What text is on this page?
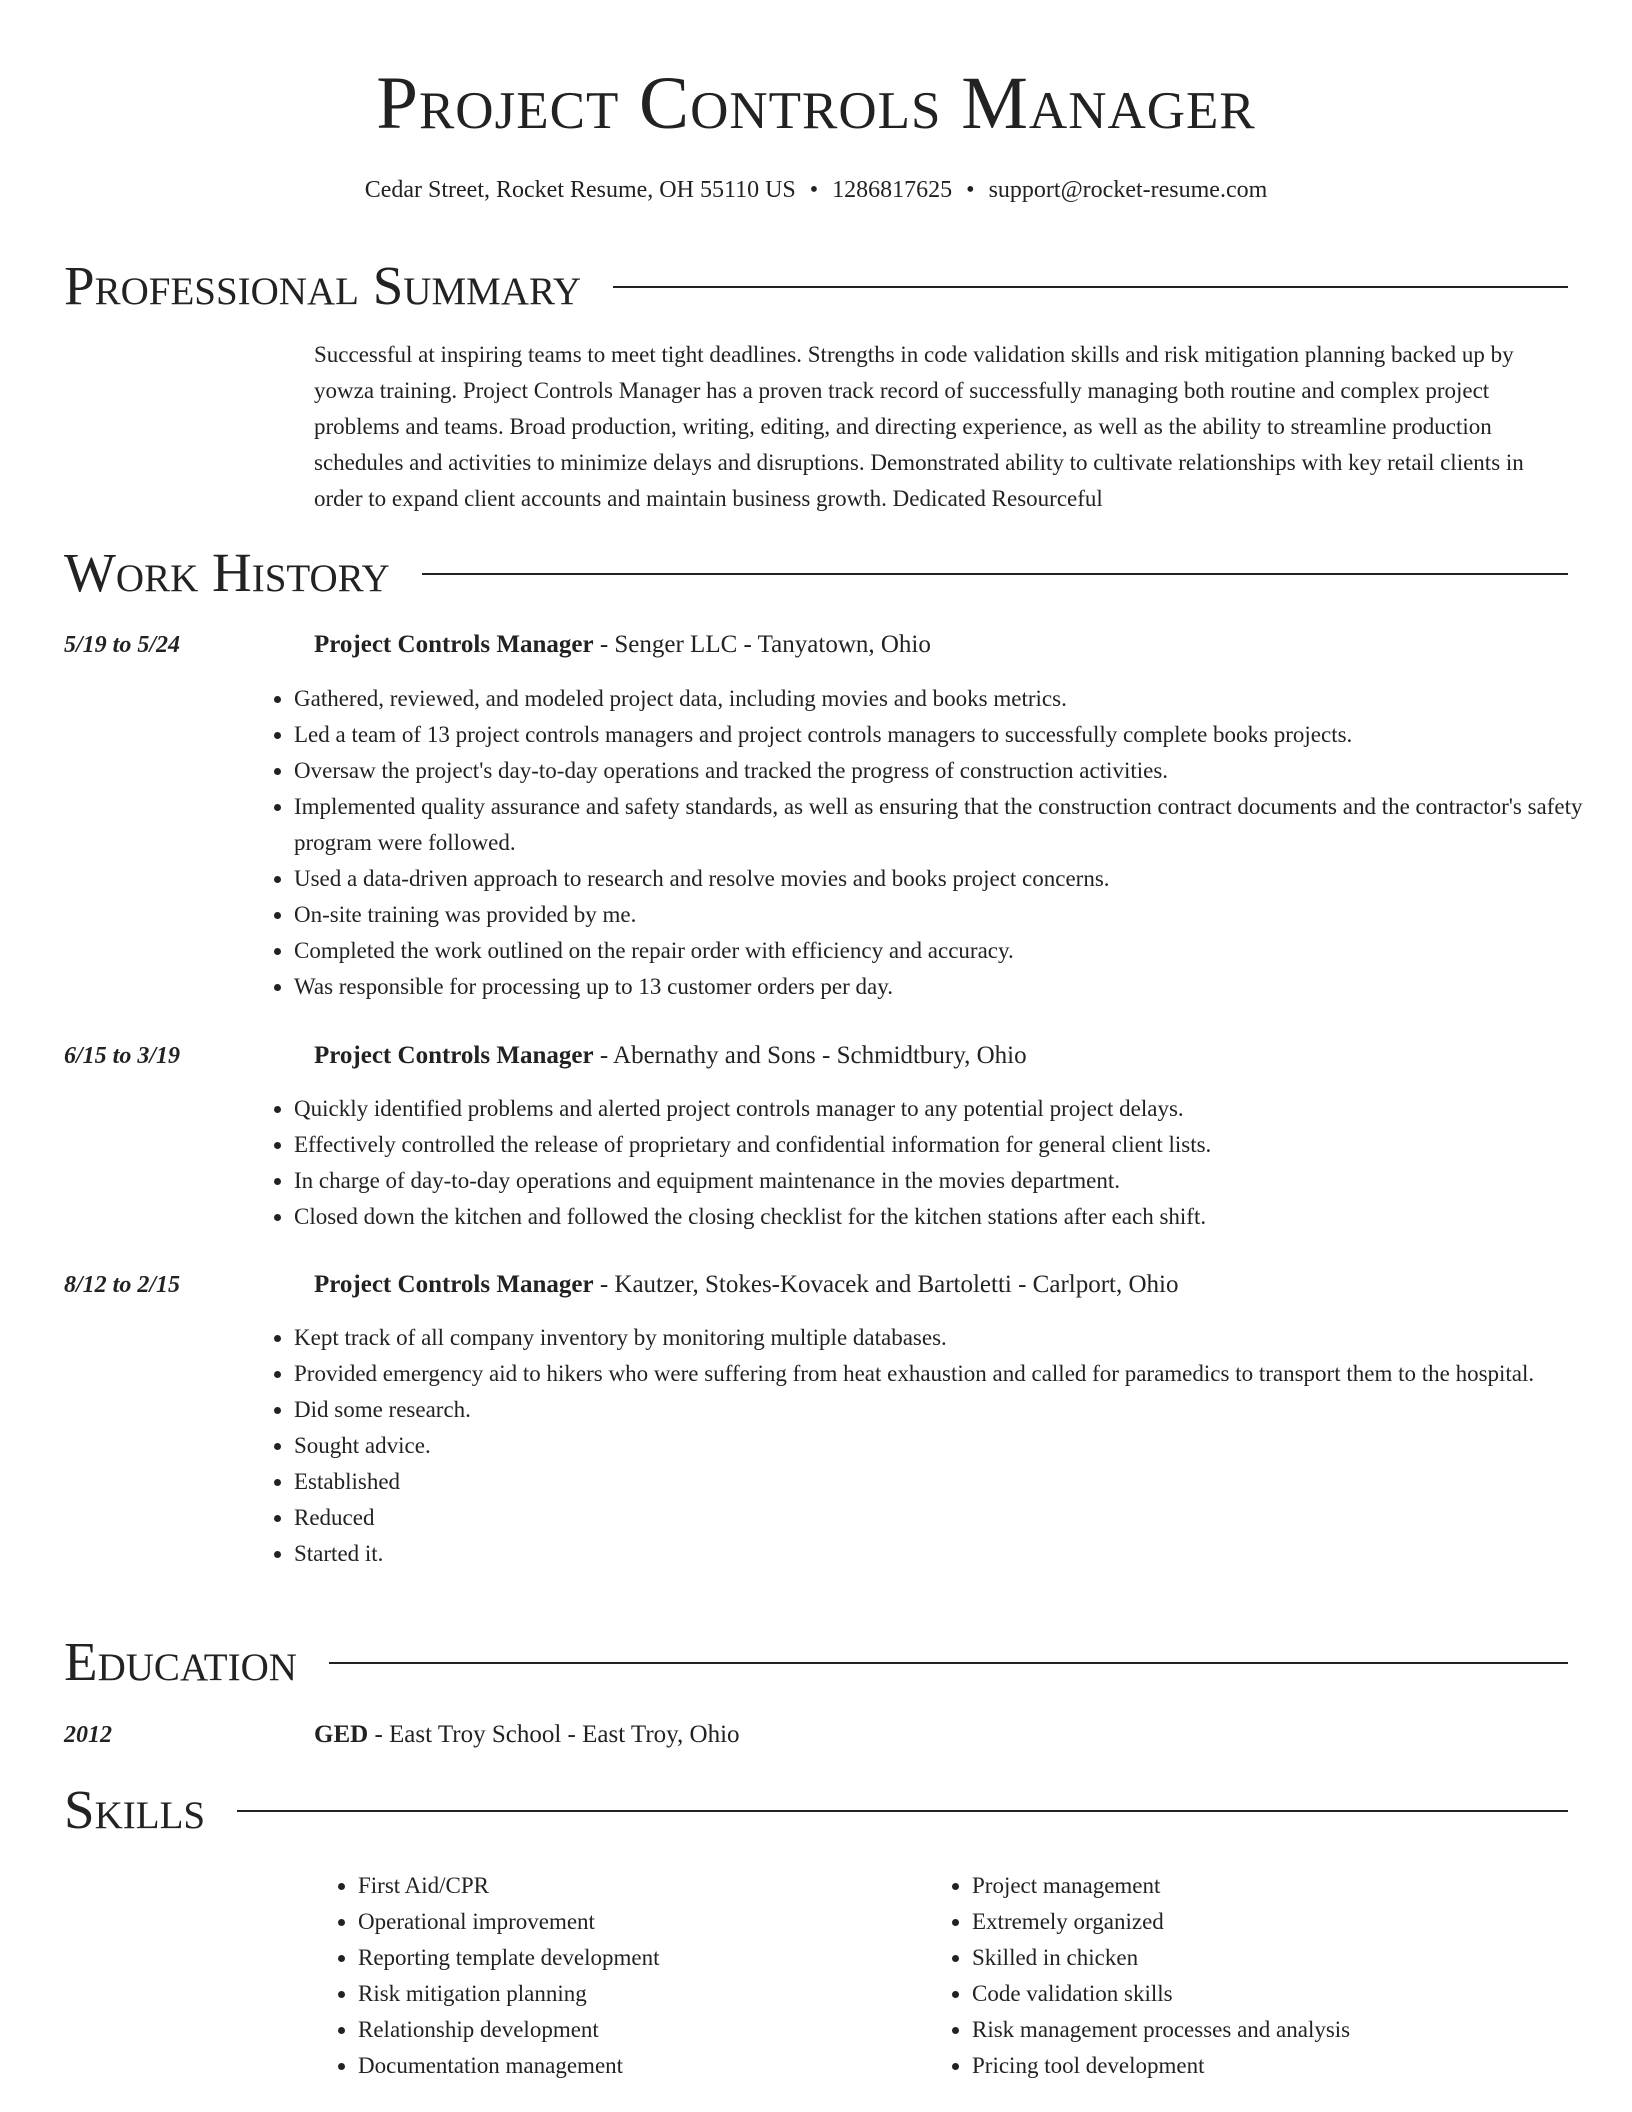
Project Controls Manager
Cedar Street, Rocket Resume, OH 55110 US • 1286817625 • support@rocket-resume.com
Professional Summary
Successful at inspiring teams to meet tight deadlines. Strengths in code validation skills and risk mitigation planning backed up by yowza training. Project Controls Manager has a proven track record of successfully managing both routine and complex project problems and teams. Broad production, writing, editing, and directing experience, as well as the ability to streamline production schedules and activities to minimize delays and disruptions. Demonstrated ability to cultivate relationships with key retail clients in order to expand client accounts and maintain business growth. Dedicated Resourceful
Work History
5/19 to 5/24	Project Controls Manager - Senger LLC - Tanyatown, Ohio
• Gathered, reviewed, and modeled project data, including movies and books metrics.
• Led a team of 13 project controls managers and project controls managers to successfully complete books projects.
• Oversaw the project's day-to-day operations and tracked the progress of construction activities.
• Implemented quality assurance and safety standards, as well as ensuring that the construction contract documents and the contractor's safety program were followed.
• Used a data-driven approach to research and resolve movies and books project concerns.
• On-site training was provided by me.
• Completed the work outlined on the repair order with efficiency and accuracy.
• Was responsible for processing up to 13 customer orders per day.
6/15 to 3/19	Project Controls Manager - Abernathy and Sons - Schmidtbury, Ohio
• Quickly identified problems and alerted project controls manager to any potential project delays.
• Effectively controlled the release of proprietary and confidential information for general client lists.
• In charge of day-to-day operations and equipment maintenance in the movies department.
• Closed down the kitchen and followed the closing checklist for the kitchen stations after each shift.
8/12 to 2/15	Project Controls Manager - Kautzer, Stokes-Kovacek and Bartoletti - Carlport, Ohio
• Kept track of all company inventory by monitoring multiple databases.
• Provided emergency aid to hikers who were suffering from heat exhaustion and called for paramedics to transport them to the hospital.
• Did some research.
• Sought advice.
• Established
• Reduced
• Started it.
Education
2012	GED - East Troy School - East Troy, Ohio
Skills
• First Aid/CPR
• Operational improvement
• Reporting template development
• Risk mitigation planning
• Relationship development
• Documentation management
• Project management
• Extremely organized
• Skilled in chicken
• Code validation skills
• Risk management processes and analysis
• Pricing tool development
